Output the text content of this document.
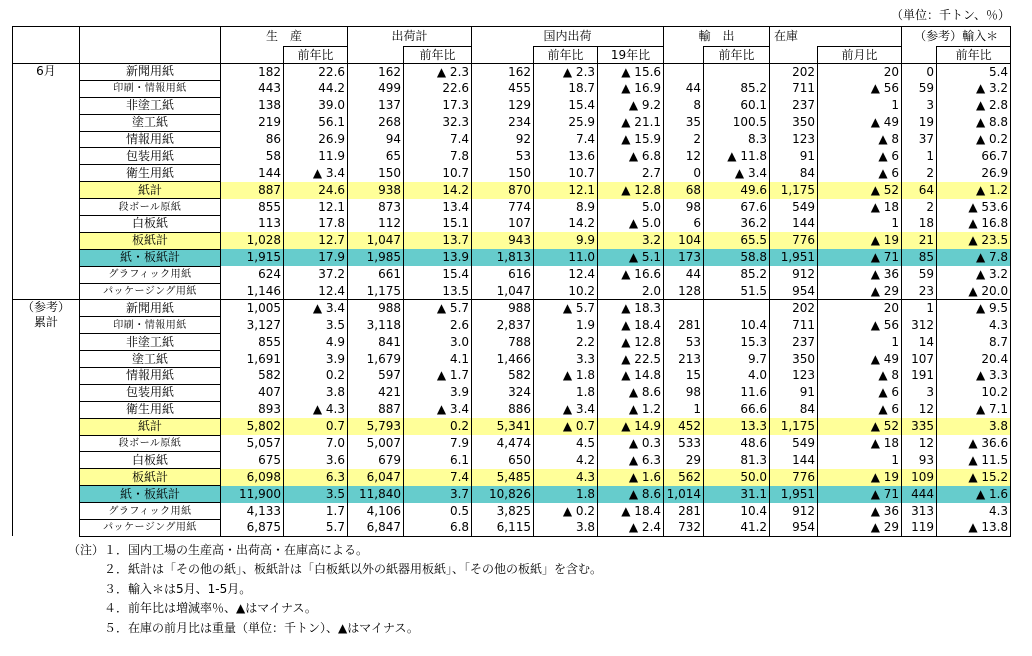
（単位：千トン、％）
		生　産		出荷計		国内出荷			輸　出		在庫		（参考）輸入＊	
			前年比		前年比		前年比	19年比		前年比		前月比		前年比

6月	新聞用紙	182	22.6	162	▲ 2.3	162	▲ 2.3	▲ 15.6			202	20	0	5.4
	印刷・情報用紙	443	44.2	499	22.6	455	18.7	▲ 16.9	44	85.2	711	▲ 56	59	▲ 3.2
	非塗工紙	138	39.0	137	17.3	129	15.4	▲ 9.2	8	60.1	237	1	3	▲ 2.8
	塗工紙	219	56.1	268	32.3	234	25.9	▲ 21.1	35	100.5	350	▲ 49	19	▲ 8.8
	情報用紙	86	26.9	94	7.4	92	7.4	▲ 15.9	2	8.3	123	▲ 8	37	▲ 0.2
	包装用紙	58	11.9	65	7.8	53	13.6	▲ 6.8	12	▲ 11.8	91	▲ 6	1	66.7
	衛生用紙	144	▲ 3.4	150	10.7	150	10.7	2.7	0	▲ 3.4	84	▲ 6	2	26.9
	紙計	887	24.6	938	14.2	870	12.1	▲ 12.8	68	49.6	1,175	▲ 52	64	▲ 1.2
	段ボール原紙	855	12.1	873	13.4	774	8.9	5.0	98	67.6	549	▲ 18	2	▲ 53.6
	白板紙	113	17.8	112	15.1	107	14.2	▲ 5.0	6	36.2	144	1	18	▲ 16.8
	板紙計	1,028	12.7	1,047	13.7	943	9.9	3.2	104	65.5	776	▲ 19	21	▲ 23.5
	紙・板紙計	1,915	17.9	1,985	13.9	1,813	11.0	▲ 5.1	173	58.8	1,951	▲ 71	85	▲ 7.8
	グラフィック用紙	624	37.2	661	15.4	616	12.4	▲ 16.6	44	85.2	912	▲ 36	59	▲ 3.2
	パッケージング用紙	1,146	12.4	1,175	13.5	1,047	10.2	2.0	128	51.5	954	▲ 29	23	▲ 20.0

（参考）
累計	新聞用紙	1,005	▲ 3.4	988	▲ 5.7	988	▲ 5.7	▲ 18.3			202	20	1	▲ 9.5
	印刷・情報用紙	3,127	3.5	3,118	2.6	2,837	1.9	▲ 18.4	281	10.4	711	▲ 56	312	4.3
	非塗工紙	855	4.9	841	3.0	788	2.2	▲ 12.8	53	15.3	237	1	14	8.7
	塗工紙	1,691	3.9	1,679	4.1	1,466	3.3	▲ 22.5	213	9.7	350	▲ 49	107	20.4
	情報用紙	582	0.2	597	▲ 1.7	582	▲ 1.8	▲ 14.8	15	4.0	123	▲ 8	191	▲ 3.3
	包装用紙	407	3.8	421	3.9	324	1.8	▲ 8.6	98	11.6	91	▲ 6	3	10.2
	衛生用紙	893	▲ 4.3	887	▲ 3.4	886	▲ 3.4	▲ 1.2	1	66.6	84	▲ 6	12	▲ 7.1
	紙計	5,802	0.7	5,793	0.2	5,341	▲ 0.7	▲ 14.9	452	13.3	1,175	▲ 52	335	3.8
	段ボール原紙	5,057	7.0	5,007	7.9	4,474	4.5	▲ 0.3	533	48.6	549	▲ 18	12	▲ 36.6
	白板紙	675	3.6	679	6.1	650	4.2	▲ 6.3	29	81.3	144	1	93	▲ 11.5
	板紙計	6,098	6.3	6,047	7.4	5,485	4.3	▲ 1.6	562	50.0	776	▲ 19	109	▲ 15.2
	紙・板紙計	11,900	3.5	11,840	3.7	10,826	1.8	▲ 8.6	1,014	31.1	1,951	▲ 71	444	▲ 1.6
	グラフィック用紙	4,133	1.7	4,106	0.5	3,825	▲ 0.2	▲ 18.4	281	10.4	912	▲ 36	313	4.3
	パッケージング用紙	6,875	5.7	6,847	6.8	6,115	3.8	▲ 2.4	732	41.2	954	▲ 29	119	▲ 13.8
（注）１．国内工場の生産高・出荷高・在庫高による。
　　　２．紙計は「その他の紙」、板紙計は「白板紙以外の紙器用板紙」、「その他の板紙」を含む。
　　　３．輸入＊は5月、1-5月。
　　　４．前年比は増減率％、▲はマイナス。
　　　５．在庫の前月比は重量（単位：千トン）、▲はマイナス。
